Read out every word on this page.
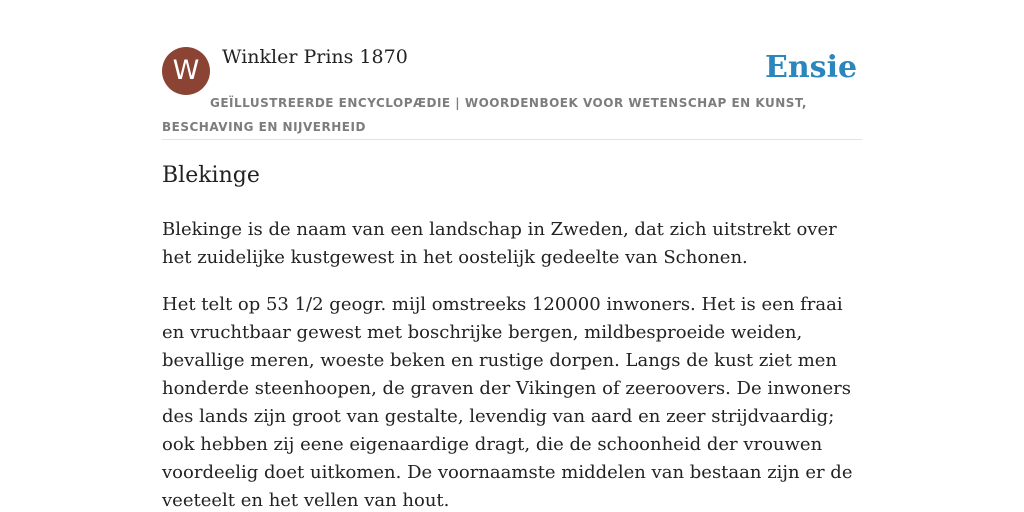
W	Winkler Prins 1870	Ensie
GEÏLLUSTREERDE ENCYCLOPÆDIE | WOORDENBOEK VOOR WETENSCHAP EN KUNST, BESCHAVING EN NIJVERHEID
Blekinge

Blekinge is de naam van een landschap in Zweden, dat zich uitstrekt over het zuidelijke kustgewest in het oostelijk gedeelte van Schonen.

Het telt op 53 1/2 geogr. mijl omstreeks 120000 inwoners. Het is een fraai en vruchtbaar gewest met boschrijke bergen, mildbesproeide weiden, bevallige meren, woeste beken en rustige dorpen. Langs de kust ziet men honderde steenhoopen, de graven der Vikingen of zeeroovers. De inwoners des lands zijn groot van gestalte, levendig van aard en zeer strijdvaardig; ook hebben zij eene eigenaardige dragt, die de schoonheid der vrouwen voordeelig doet uitkomen. De voornaamste middelen van bestaan zijn er de veeteelt en het vellen van hout.
